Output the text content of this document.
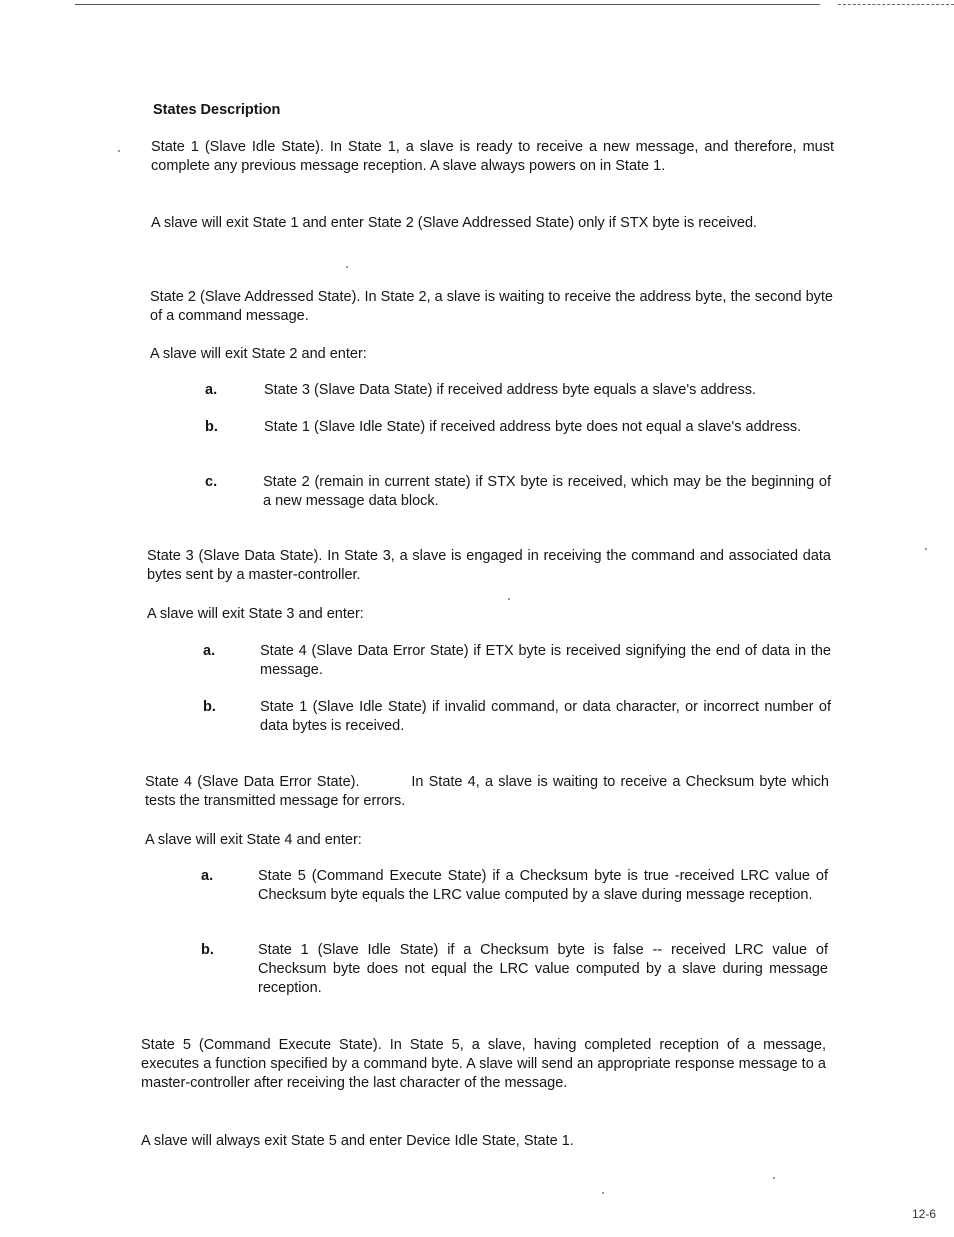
States Description
State 1 (Slave Idle State). In State 1, a slave is ready to receive a new message, and therefore, must complete any previous message reception. A slave always powers on in State 1.
A slave will exit State 1 and enter State 2 (Slave Addressed State) only if STX byte is received.
State 2 (Slave Addressed State). In State 2, a slave is waiting to receive the address byte, the second byte of a command message.
A slave will exit State 2 and enter:
a.	State 3 (Slave Data State) if received address byte equals a slave's address.
b.	State 1 (Slave Idle State) if received address byte does not equal a slave's address.
c.	State 2 (remain in current state) if STX byte is received, which may be the beginning of a new message data block.
State 3 (Slave Data State). In State 3, a slave is engaged in receiving the command and associated data bytes sent by a master-controller.
A slave will exit State 3 and enter:
a.	State 4 (Slave Data Error State) if ETX byte is received signifying the end of data in the message.
b.	State 1 (Slave Idle State) if invalid command, or data character, or incorrect number of data bytes is received.
State 4 (Slave Data Error State).          In State 4, a slave is waiting to receive a Checksum byte which tests the transmitted message for errors.
A slave will exit State 4 and enter:
a.	State 5 (Command Execute State) if a Checksum byte is true -received LRC value of Checksum byte equals the LRC value computed by a slave during message reception.
b.	State 1 (Slave Idle State) if a Checksum byte is false -- received LRC value of Checksum byte does not equal the LRC value computed by a slave during message reception.
State 5 (Command Execute State). In State 5, a slave, having completed reception of a message, executes a function specified by a command byte. A slave will send an appropriate response message to a master-controller after receiving the last character of the message.
A slave will always exit State 5 and enter Device Idle State, State 1.
12-6
